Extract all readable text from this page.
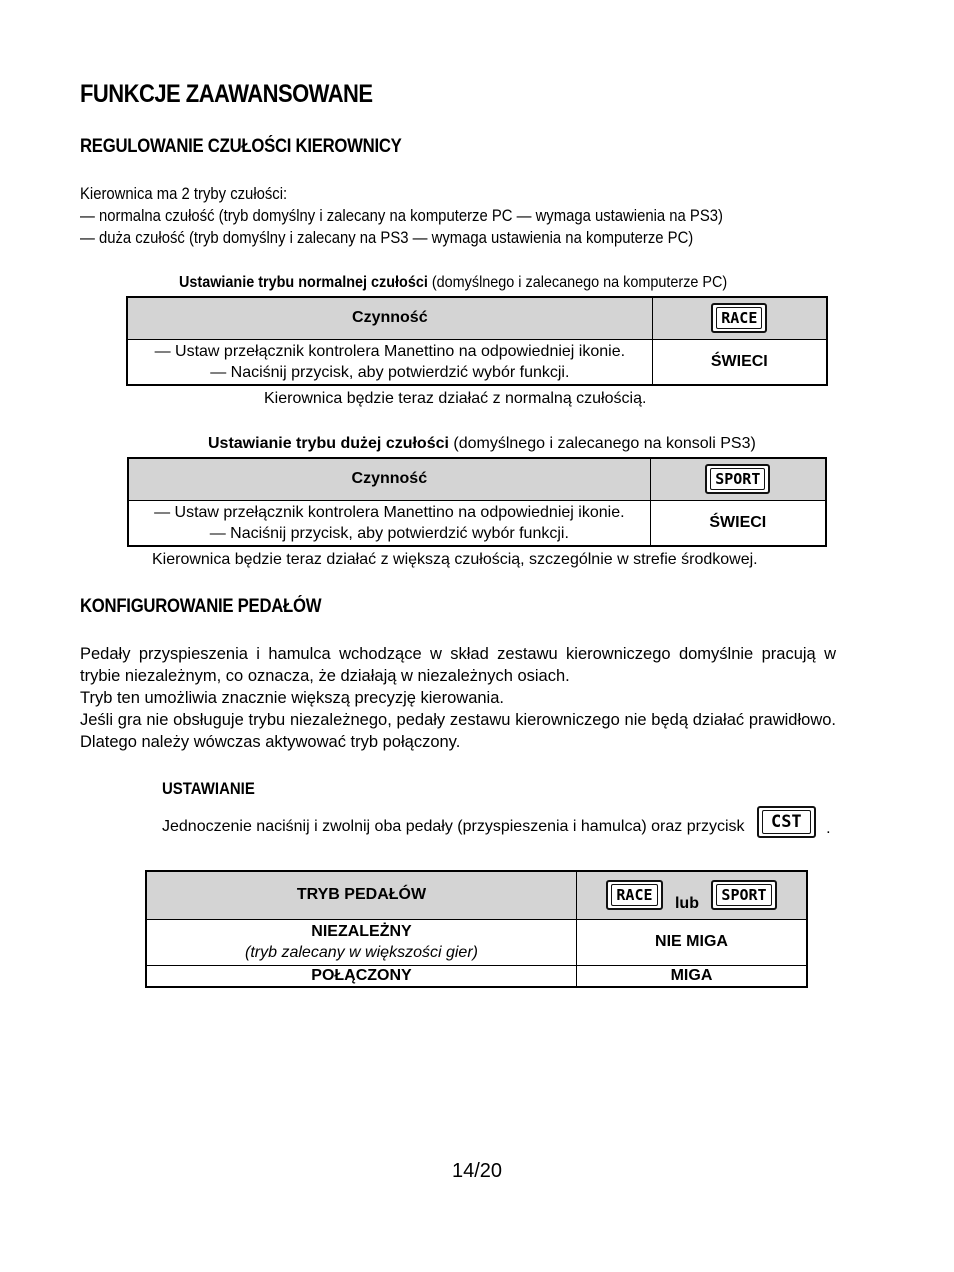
FUNKCJE ZAAWANSOWANE
REGULOWANIE CZUŁOŚCI KIEROWNICY
Kierownica ma 2 tryby czułości:
— normalna czułość (tryb domyślny i zalecany na komputerze PC — wymaga ustawienia na PS3)
— duża czułość (tryb domyślny i zalecany na PS3 — wymaga ustawienia na komputerze PC)
Ustawianie trybu normalnej czułości (domyślnego i zalecanego na komputerze PC)
Czynność	RACE

— Ustaw przełącznik kontrolera Manettino na odpowiedniej ikonie.
— Naciśnij przycisk, aby potwierdzić wybór funkcji.	ŚWIECI
Kierownica będzie teraz działać z normalną czułością.
Ustawianie trybu dużej czułości (domyślnego i zalecanego na konsoli PS3)
Czynność	SPORT

— Ustaw przełącznik kontrolera Manettino na odpowiedniej ikonie.
— Naciśnij przycisk, aby potwierdzić wybór funkcji.	ŚWIECI
Kierownica będzie teraz działać z większą czułością, szczególnie w strefie środkowej.
KONFIGUROWANIE PEDAŁÓW
Pedały przyspieszenia i hamulca wchodzące w skład zestawu kierowniczego domyślnie pracują w trybie niezależnym, co oznacza, że działają w niezależnych osiach.
Tryb ten umożliwia znacznie większą precyzję kierowania.
Jeśli gra nie obsługuje trybu niezależnego, pedały zestawu kierowniczego nie będą działać prawidłowo. Dlatego należy wówczas aktywować tryb połączony.
USTAWIANIE
Jednoczenie naciśnij i zwolnij oba pedały (przyspieszenia i hamulca) oraz przycisk CST .
TRYB PEDAŁÓW	RACE lub SPORT

NIEZALEŻNY
(tryb zalecany w większości gier)	NIE MIGA
POŁĄCZONY	MIGA
14/20
